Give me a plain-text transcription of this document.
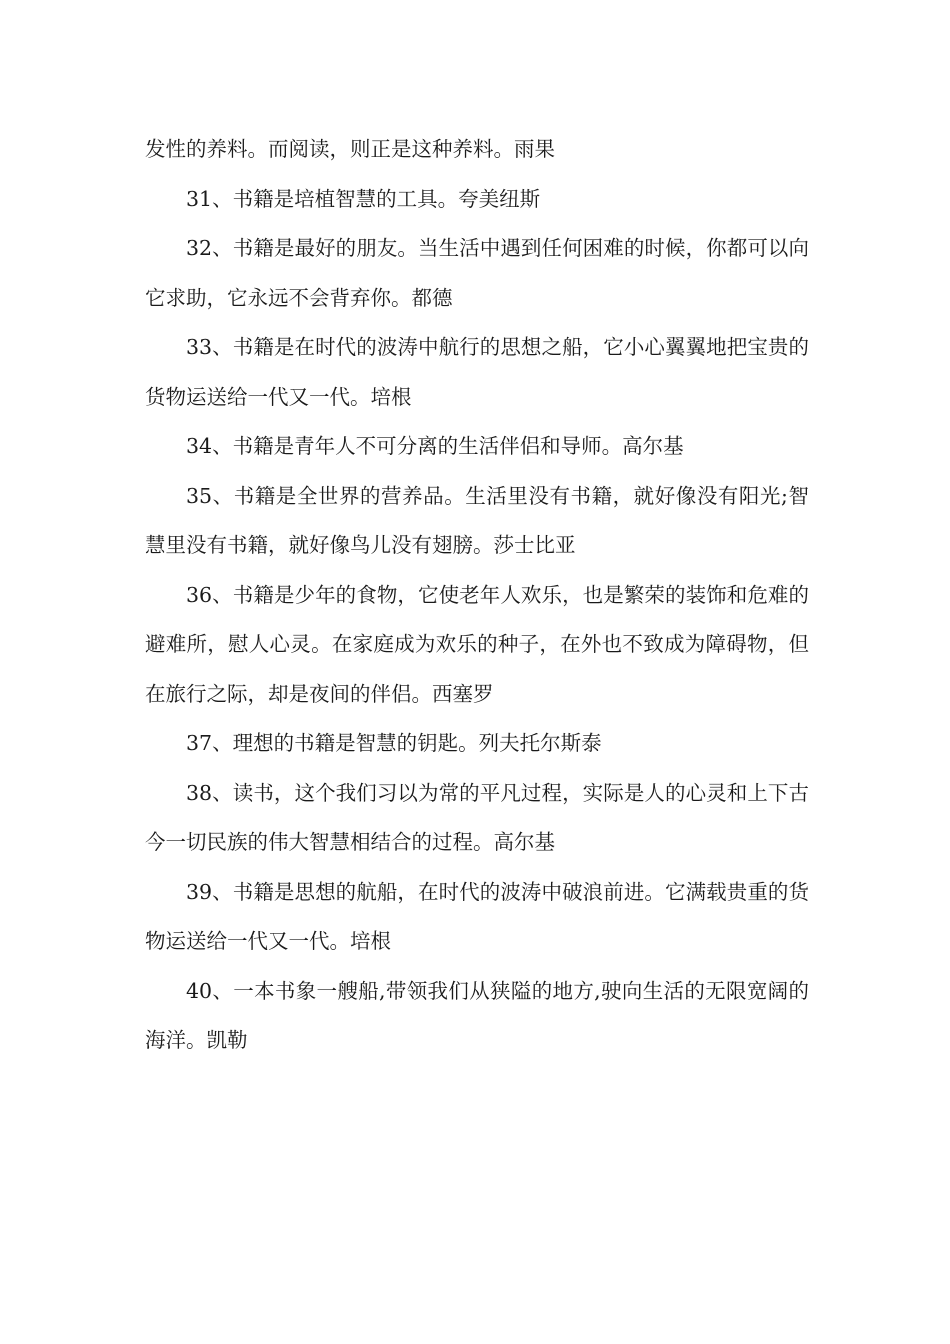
发性的养料。而阅读，则正是这种养料。雨果

31、书籍是培植智慧的工具。夸美纽斯

32、书籍是最好的朋友。当生活中遇到任何困难的时候，你都可以向它求助，它永远不会背弃你。都德

33、书籍是在时代的波涛中航行的思想之船，它小心翼翼地把宝贵的货物运送给一代又一代。培根

34、书籍是青年人不可分离的生活伴侣和导师。高尔基

35、书籍是全世界的营养品。生活里没有书籍，就好像没有阳光;智慧里没有书籍，就好像鸟儿没有翅膀。莎士比亚

36、书籍是少年的食物，它使老年人欢乐，也是繁荣的装饰和危难的避难所，慰人心灵。在家庭成为欢乐的种子，在外也不致成为障碍物，但在旅行之际，却是夜间的伴侣。西塞罗

37、理想的书籍是智慧的钥匙。列夫托尔斯泰

38、读书，这个我们习以为常的平凡过程，实际是人的心灵和上下古今一切民族的伟大智慧相结合的过程。高尔基

39、书籍是思想的航船，在时代的波涛中破浪前进。它满载贵重的货物运送给一代又一代。培根

40、一本书象一艘船,带领我们从狭隘的地方,驶向生活的无限宽阔的海洋。凯勒
